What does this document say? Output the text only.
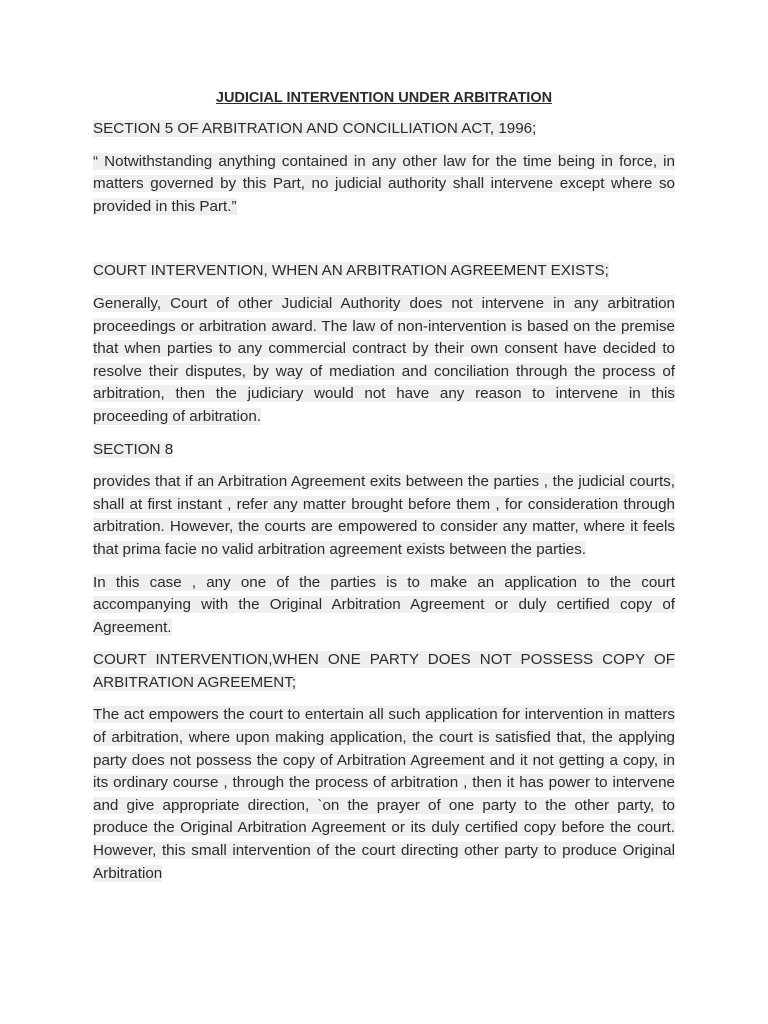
JUDICIAL INTERVENTION UNDER ARBITRATION

SECTION 5 OF ARBITRATION AND CONCILLIATION ACT, 1996;

“ Notwithstanding anything contained in any other law for the time being in force, in matters governed by this Part, no judicial authority shall intervene except where so provided in this Part.”

COURT INTERVENTION, WHEN AN ARBITRATION AGREEMENT EXISTS;

Generally, Court of other Judicial Authority does not intervene in any arbitration proceedings or arbitration award. The law of non-intervention is based on the premise that when parties to any commercial contract by their own consent have decided to resolve their disputes, by way of mediation and conciliation through the process of arbitration, then the judiciary would not have any reason to intervene in this proceeding of arbitration.

SECTION 8

provides that if an Arbitration Agreement exits between the parties , the judicial courts, shall at first instant , refer any matter brought before them , for consideration through arbitration. However, the courts are empowered to consider any matter, where it feels that prima facie no valid arbitration agreement exists between the parties.

In this case , any one of the parties is to make an application to the court accompanying with the Original Arbitration Agreement or duly certified copy of Agreement.

COURT INTERVENTION,WHEN ONE PARTY DOES NOT POSSESS COPY OF ARBITRATION AGREEMENT;

The act empowers the court to entertain all such application for intervention in matters of arbitration, where upon making application, the court is satisfied that, the applying party does not possess the copy of Arbitration Agreement and it not getting a copy, in its ordinary course , through the process of arbitration , then it has power to intervene and give appropriate direction, `on the prayer of one party to the other party, to produce the Original Arbitration Agreement or its duly certified copy before the court. However, this small intervention of the court directing other party to produce Original Arbitration
